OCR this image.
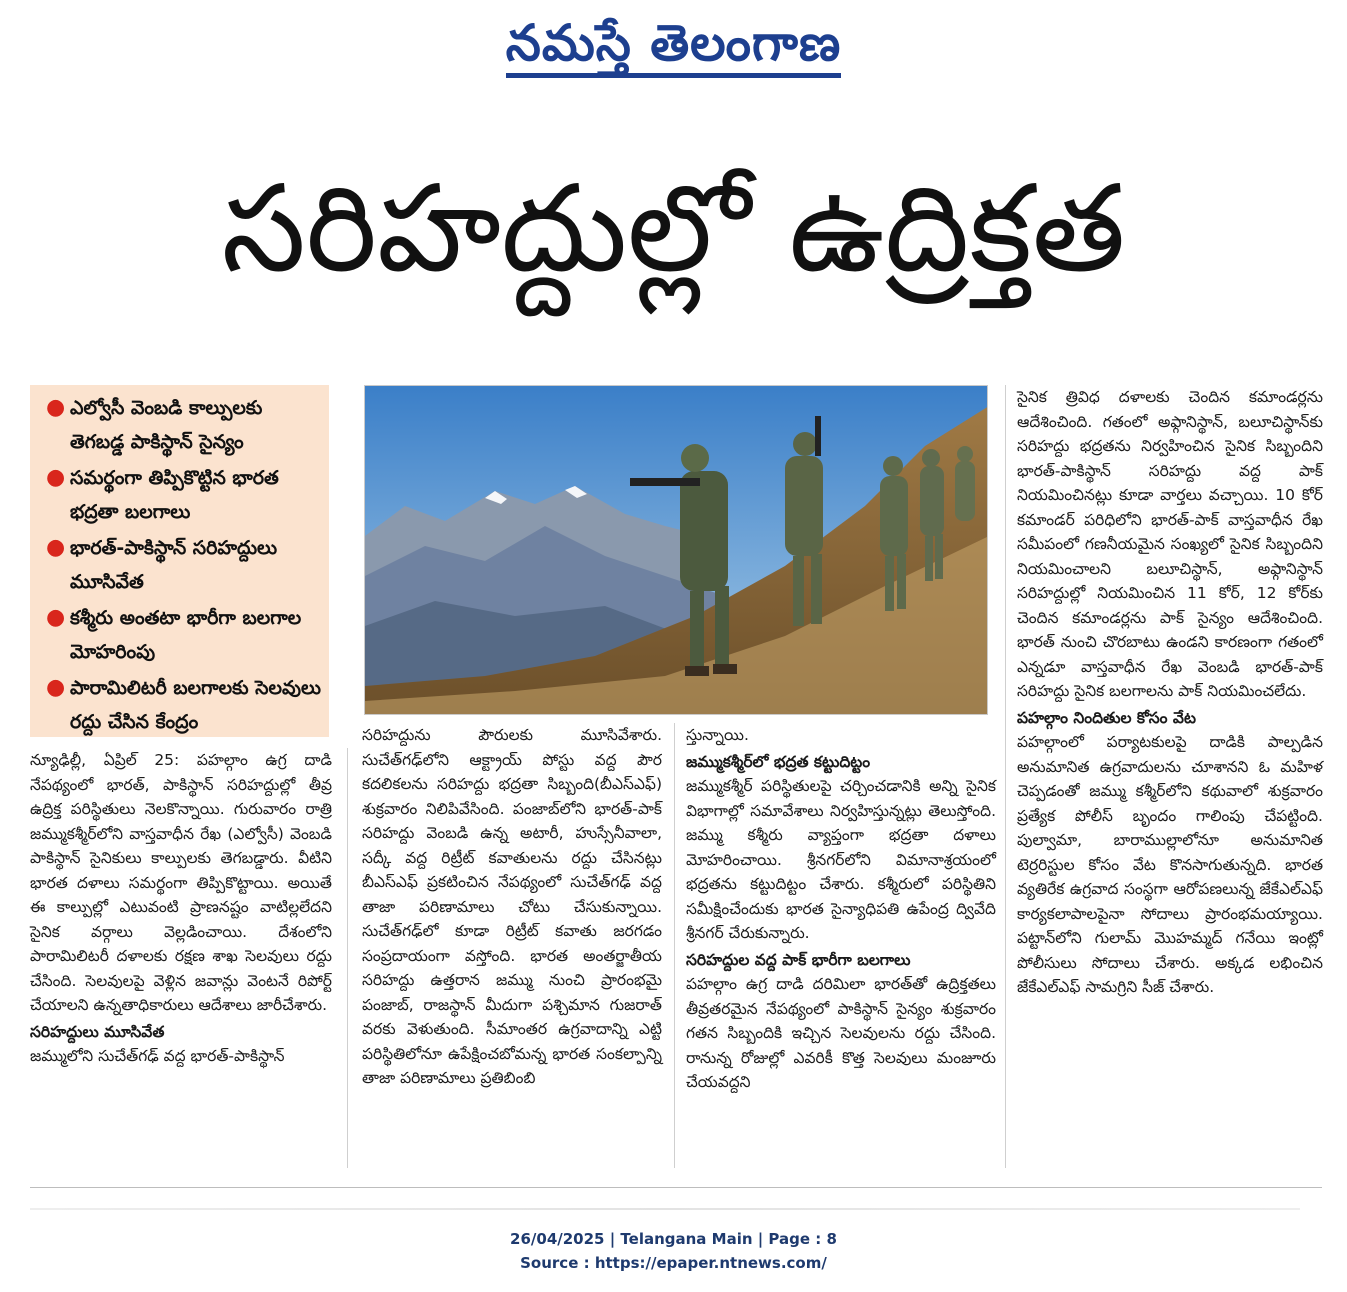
నమస్తే తెలంగాణ
సరిహద్దుల్లో ఉద్రిక్తత
● ఎల్వోసీ వెంబడి కాల్పులకు తెగబడ్డ పాకిస్థాన్ సైన్యం
● సమర్థంగా తిప్పికొట్టిన భారత భద్రతా బలగాలు
● భారత్-పాకిస్థాన్ సరిహద్దులు మూసివేత
● కశ్మీరు అంతటా భారీగా బలగాల మోహరింపు
● పారామిలిటరీ బలగాలకు సెలవులు రద్దు చేసిన కేంద్రం

న్యూఢిల్లీ, ఏప్రిల్ 25: పహల్గాం ఉగ్ర దాడి నేపథ్యంలో భారత్, పాకిస్థాన్ సరిహద్దుల్లో తీవ్ర ఉద్రిక్త పరిస్థితులు నెలకొన్నాయి. గురువారం రాత్రి జమ్ముకశ్మీర్‌లోని వాస్తవాధీన రేఖ (ఎల్వోసీ) వెంబడి పాకిస్థాన్ సైనికులు కాల్పులకు తెగబడ్డారు. వీటిని భారత దళాలు సమర్థంగా తిప్పికొట్టాయి. అయితే ఈ కాల్పుల్లో ఎటువంటి ప్రాణనష్టం వాటిల్లలేదని సైనిక వర్గాలు వెల్లడించాయి. దేశంలోని పారామిలిటరీ దళాలకు రక్షణ శాఖ సెలవులు రద్దు చేసింది. సెలవులపై వెళ్లిన జవాన్లు వెంటనే రిపోర్ట్ చేయాలని ఉన్నతాధికారులు ఆదేశాలు జారీచేశారు.

సరిహద్దులు మూసివేత

జమ్ములోని సుచేత్‌గఢ్ వద్ద భారత్-పాకిస్థాన్

సరిహద్దును పౌరులకు మూసివేశారు. సుచేత్‌గఢ్‌లోని ఆక్ట్రాయ్ పోస్టు వద్ద పౌర కదలికలను సరిహద్దు భద్రతా సిబ్బంది(బీఎస్ఎఫ్) శుక్రవారం నిలిపివేసింది. పంజాబ్‌లోని భారత్-పాక్ సరిహద్దు వెంబడి ఉన్న అటారీ, హుస్సేనీవాలా, సద్కీ వద్ద రిట్రీట్ కవాతులను రద్దు చేసినట్లు బీఎస్ఎఫ్ ప్రకటించిన నేపథ్యంలో సుచేత్‌గఢ్ వద్ద తాజా పరిణామాలు చోటు చేసుకున్నాయి. సుచేత్‌గఢ్‌లో కూడా రిట్రీట్ కవాతు జరగడం సంప్రదాయంగా వస్తోంది. భారత అంతర్జాతీయ సరిహద్దు ఉత్తరాన జమ్ము నుంచి ప్రారంభమై పంజాబ్, రాజస్థాన్ మీదుగా పశ్చిమాన గుజరాత్ వరకు వెళుతుంది. సీమాంతర ఉగ్రవాదాన్ని ఎట్టి పరిస్థితిలోనూ ఉపేక్షించబోమన్న భారత సంకల్పాన్ని తాజా పరిణామాలు ప్రతిబింబి

స్తున్నాయి.

జమ్ముకశ్మీర్‌లో భద్రత కట్టుదిట్టం

జమ్ముకశ్మీర్ పరిస్థితులపై చర్చించడానికి అన్ని సైనిక విభాగాల్లో సమావేశాలు నిర్వహిస్తున్నట్లు తెలుస్తోంది. జమ్ము కశ్మీరు వ్యాప్తంగా భద్రతా దళాలు మోహరించాయి. శ్రీనగర్‌లోని విమానాశ్రయంలో భద్రతను కట్టుదిట్టం చేశారు. కశ్మీరులో పరిస్థితిని సమీక్షించేందుకు భారత సైన్యాధిపతి ఉపేంద్ర ద్వివేది శ్రీనగర్ చేరుకున్నారు.

సరిహద్దుల వద్ద పాక్ భారీగా బలగాలు

పహల్గాం ఉగ్ర దాడి దరిమిలా భారత్‌తో ఉద్రిక్తతలు తీవ్రతరమైన నేపథ్యంలో పాకిస్థాన్ సైన్యం శుక్రవారం గతన సిబ్బందికి ఇచ్చిన సెలవులను రద్దు చేసింది. రానున్న రోజుల్లో ఎవరికీ కొత్త సెలవులు మంజూరు చేయవద్దని

సైనిక త్రివిధ దళాలకు చెందిన కమాండర్లను ఆదేశించింది. గతంలో అఫ్గానిస్థాన్, బలూచిస్థాన్‌కు సరిహద్దు భద్రతను నిర్వహించిన సైనిక సిబ్బందిని భారత్-పాకిస్థాన్ సరిహద్దు వద్ద పాక్ నియమించినట్లు కూడా వార్తలు వచ్చాయి. 10 కోర్ కమాండర్ పరిధిలోని భారత్-పాక్ వాస్తవాధీన రేఖ సమీపంలో గణనీయమైన సంఖ్యలో సైనిక సిబ్బందిని నియమించాలని బలూచిస్థాన్, అఫ్గానిస్థాన్ సరిహద్దుల్లో నియమించిన 11 కోర్, 12 కోర్‌కు చెందిన కమాండర్లను పాక్ సైన్యం ఆదేశించింది. భారత్ నుంచి చొరబాటు ఉండని కారణంగా గతంలో ఎన్నడూ వాస్తవాధీన రేఖ వెంబడి భారత్-పాక్ సరిహద్దు సైనిక బలగాలను పాక్ నియమించలేదు.

పహల్గాం నిందితుల కోసం వేట

పహల్గాంలో పర్యాటకులపై దాడికి పాల్పడిన అనుమానిత ఉగ్రవాదులను చూశానని ఓ మహిళ చెప్పడంతో జమ్ము కశ్మీర్‌లోని కథువాలో శుక్రవారం ప్రత్యేక పోలీస్ బృందం గాలింపు చేపట్టింది. పుల్వామా, బారాముల్లాలోనూ అనుమానిత టెర్రరిస్టుల కోసం వేట కొనసాగుతున్నది. భారత వ్యతిరేక ఉగ్రవాద సంస్థగా ఆరోపణలున్న జేకేఎల్ఎఫ్ కార్యకలాపాలపైనా సోదాలు ప్రారంభమయ్యాయి. పట్టాన్‌లోని గులామ్ మొహమ్మద్ గనేయి ఇంట్లో పోలీసులు సోదాలు చేశారు. అక్కడ లభించిన జేకేఎల్ఎఫ్ సామగ్రిని సీజ్ చేశారు.

26/04/2025 | Telangana Main | Page : 8
Source : https://epaper.ntnews.com/
